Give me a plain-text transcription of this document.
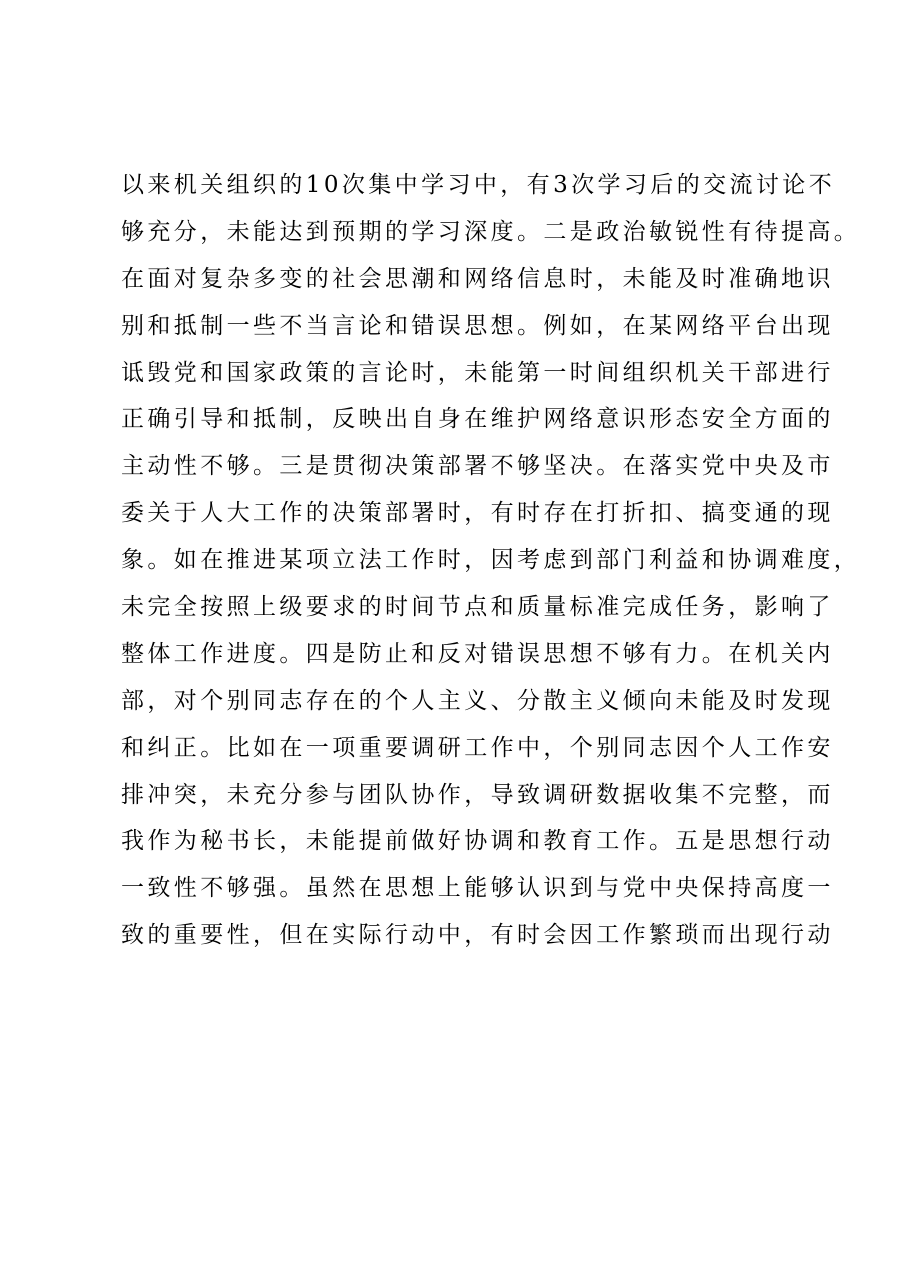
以来机关组织的10次集中学习中，有3次学习后的交流讨论不
够充分，未能达到预期的学习深度。二是政治敏锐性有待提高。
在面对复杂多变的社会思潮和网络信息时，未能及时准确地识
别和抵制一些不当言论和错误思想。例如，在某网络平台出现
诋毁党和国家政策的言论时，未能第一时间组织机关干部进行
正确引导和抵制，反映出自身在维护网络意识形态安全方面的
主动性不够。三是贯彻决策部署不够坚决。在落实党中央及市
委关于人大工作的决策部署时，有时存在打折扣、搞变通的现
象。如在推进某项立法工作时，因考虑到部门利益和协调难度，
未完全按照上级要求的时间节点和质量标准完成任务，影响了
整体工作进度。四是防止和反对错误思想不够有力。在机关内
部，对个别同志存在的个人主义、分散主义倾向未能及时发现
和纠正。比如在一项重要调研工作中，个别同志因个人工作安
排冲突，未充分参与团队协作，导致调研数据收集不完整，而
我作为秘书长，未能提前做好协调和教育工作。五是思想行动
一致性不够强。虽然在思想上能够认识到与党中央保持高度一
致的重要性，但在实际行动中，有时会因工作繁琐而出现行动
